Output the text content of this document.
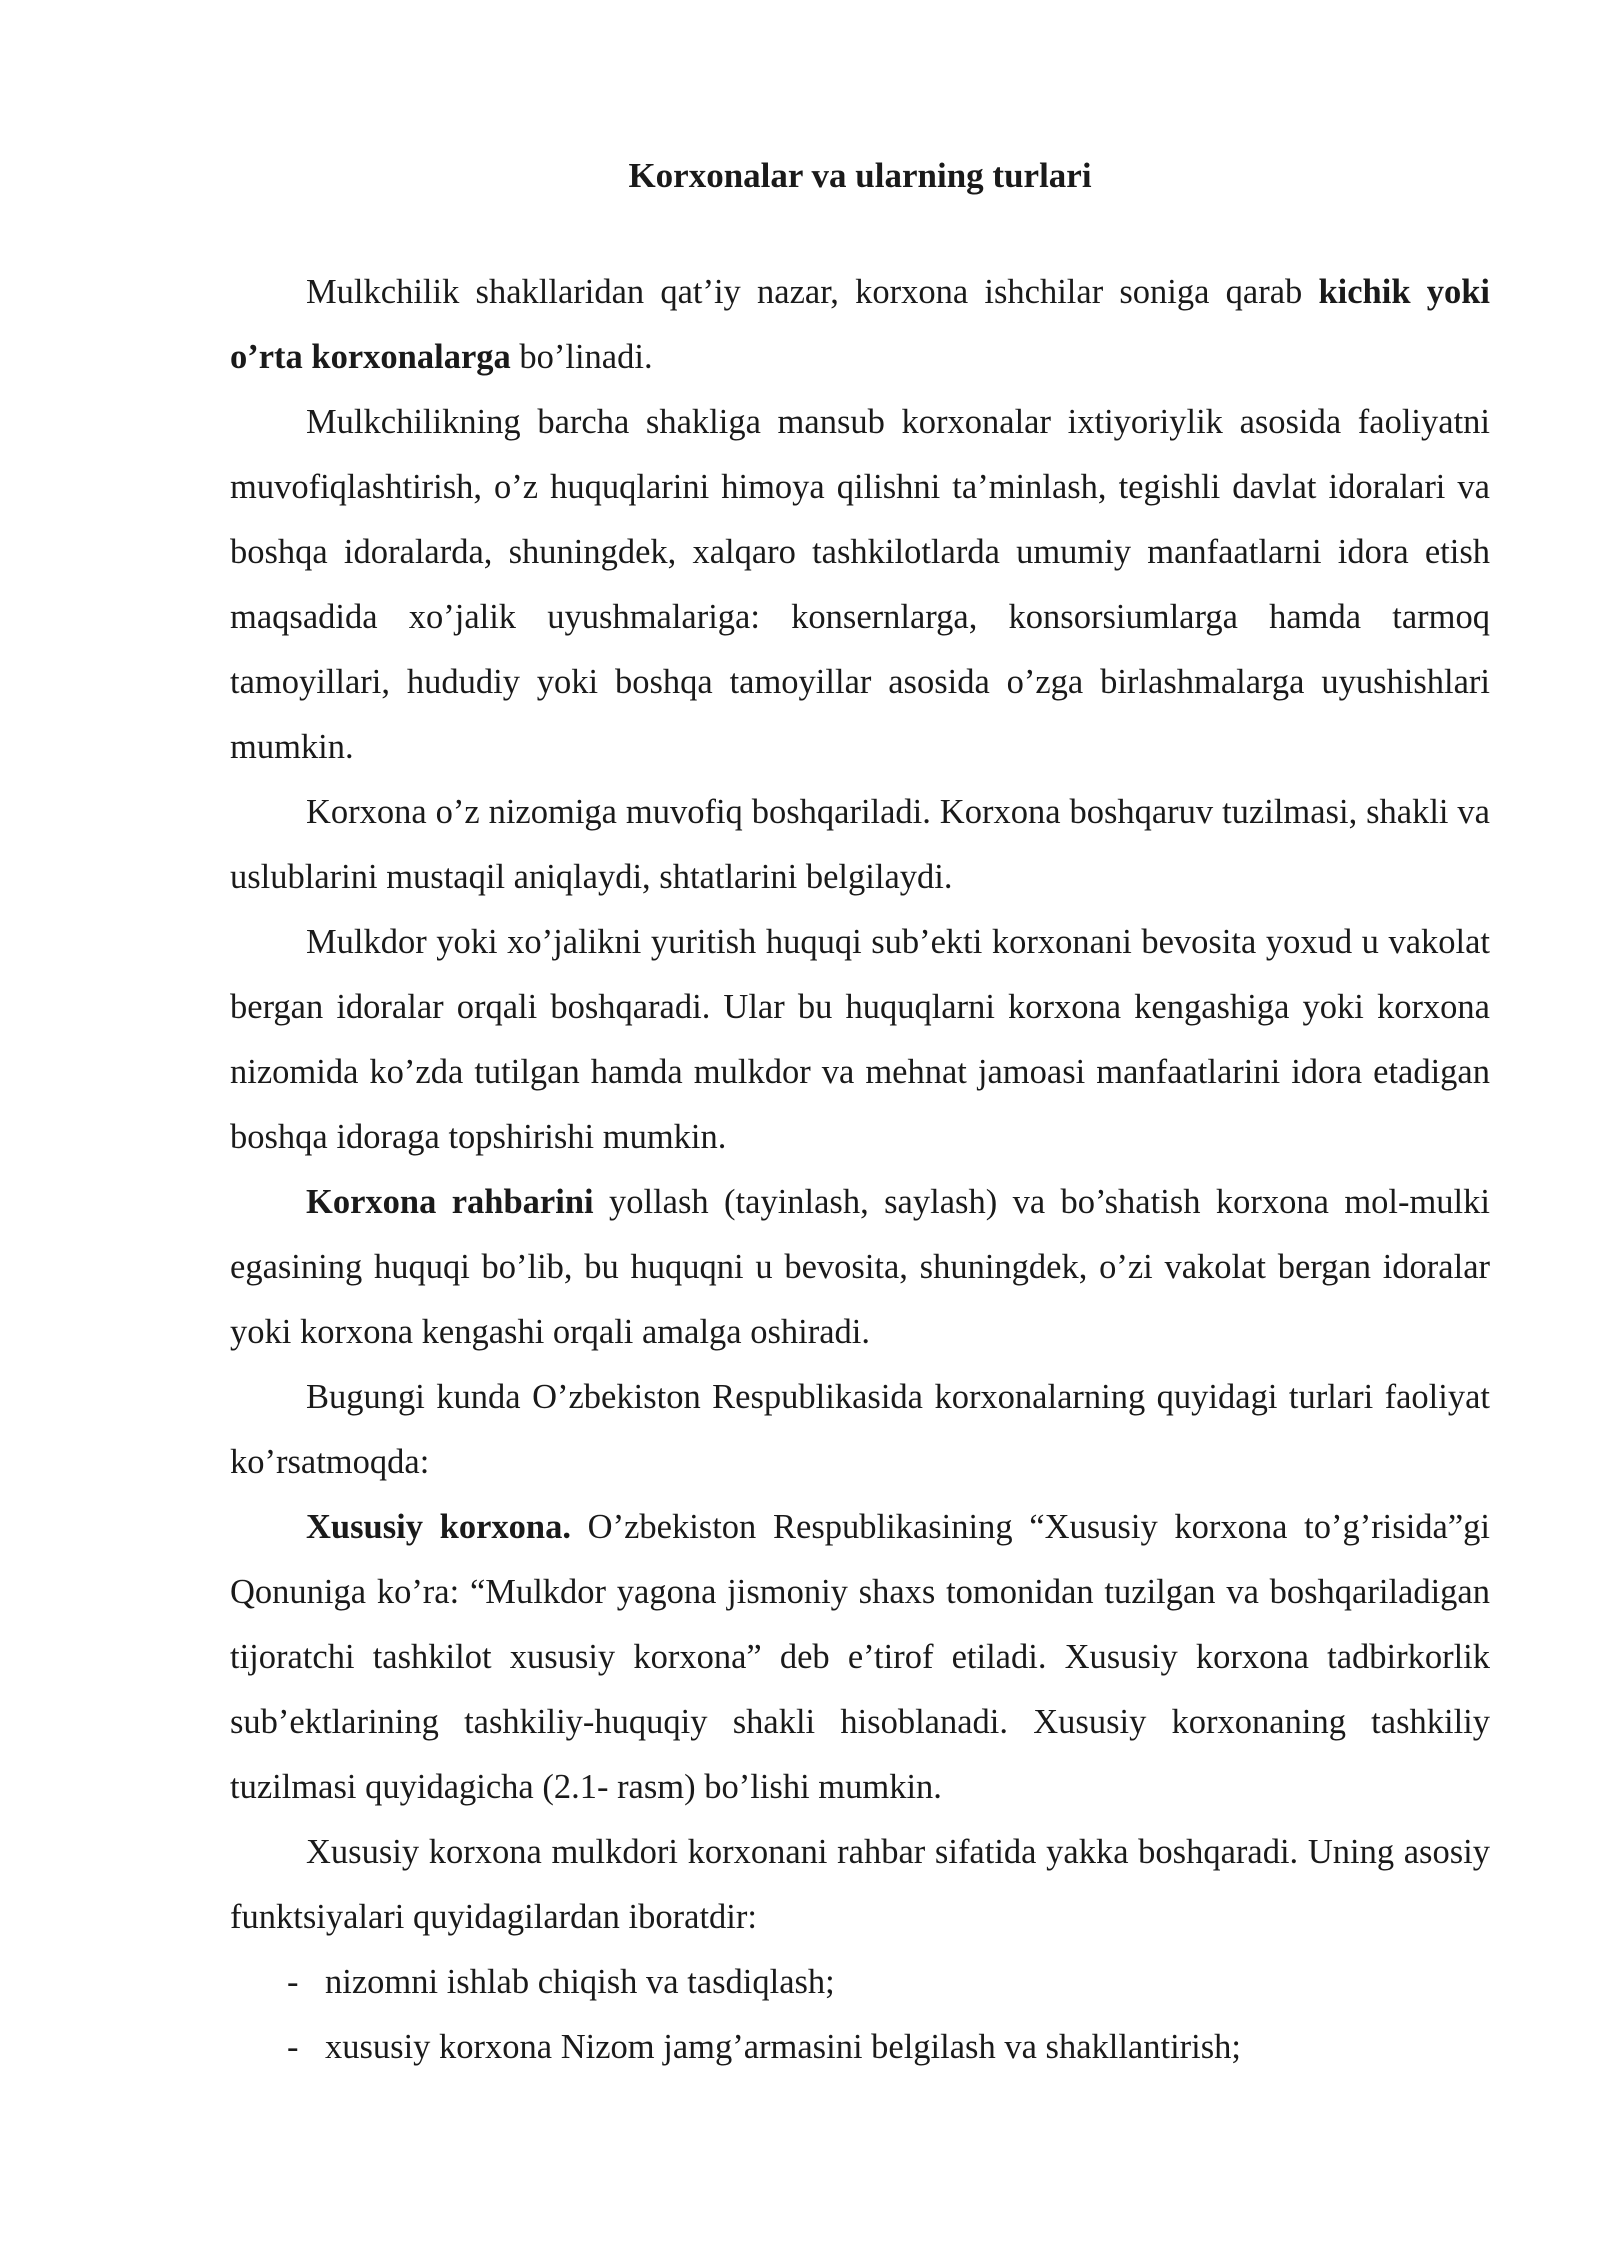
Korxonalar va ularning turlari

Mulkchilik shakllaridan qat’iy nazar, korxona ishchilar soniga qarab kichik yoki o’rta korxonalarga bo’linadi.

Mulkchilikning barcha shakliga mansub korxonalar ixtiyoriylik asosida faoliyatni muvofiqlashtirish, o’z huquqlarini himoya qilishni ta’minlash, tegishli davlat idoralari va boshqa idoralarda, shuningdek, xalqaro tashkilotlarda umumiy manfaatlarni idora etish maqsadida xo’jalik uyushmalariga: konsernlarga, konsorsiumlarga hamda tarmoq tamoyillari, hududiy yoki boshqa tamoyillar asosida o’zga birlashmalarga uyushishlari mumkin.

Korxona o’z nizomiga muvofiq boshqariladi. Korxona boshqaruv tuzilmasi, shakli va uslublarini mustaqil aniqlaydi, shtatlarini belgilaydi.

Mulkdor yoki xo’jalikni yuritish huquqi sub’ekti korxonani bevosita yoxud u vakolat bergan idoralar orqali boshqaradi. Ular bu huquqlarni korxona kengashiga yoki korxona nizomida ko’zda tutilgan hamda mulkdor va mehnat jamoasi manfaatlarini idora etadigan boshqa idoraga topshirishi mumkin.

Korxona rahbarini yollash (tayinlash, saylash) va bo’shatish korxona mol-mulki egasining huquqi bo’lib, bu huquqni u bevosita, shuningdek, o’zi vakolat bergan idoralar yoki korxona kengashi orqali amalga oshiradi.

Bugungi kunda O’zbekiston Respublikasida korxonalarning quyidagi turlari faoliyat ko’rsatmoqda:

Xususiy korxona. O’zbekiston Respublikasining “Xususiy korxona to’g’risida”gi Qonuniga ko’ra: “Mulkdor yagona jismoniy shaxs tomonidan tuzilgan va boshqariladigan tijoratchi tashkilot xususiy korxona” deb e’tirof etiladi. Xususiy korxona tadbirkorlik sub’ektlarining tashkiliy-huquqiy shakli hisoblanadi. Xususiy korxonaning tashkiliy tuzilmasi quyidagicha (2.1- rasm) bo’lishi mumkin.

Xususiy korxona mulkdori korxonani rahbar sifatida yakka boshqaradi. Uning asosiy funktsiyalari quyidagilardan iboratdir:

- nizomni ishlab chiqish va tasdiqlash;
- xususiy korxona Nizom jamg’armasini belgilash va shakllantirish;
